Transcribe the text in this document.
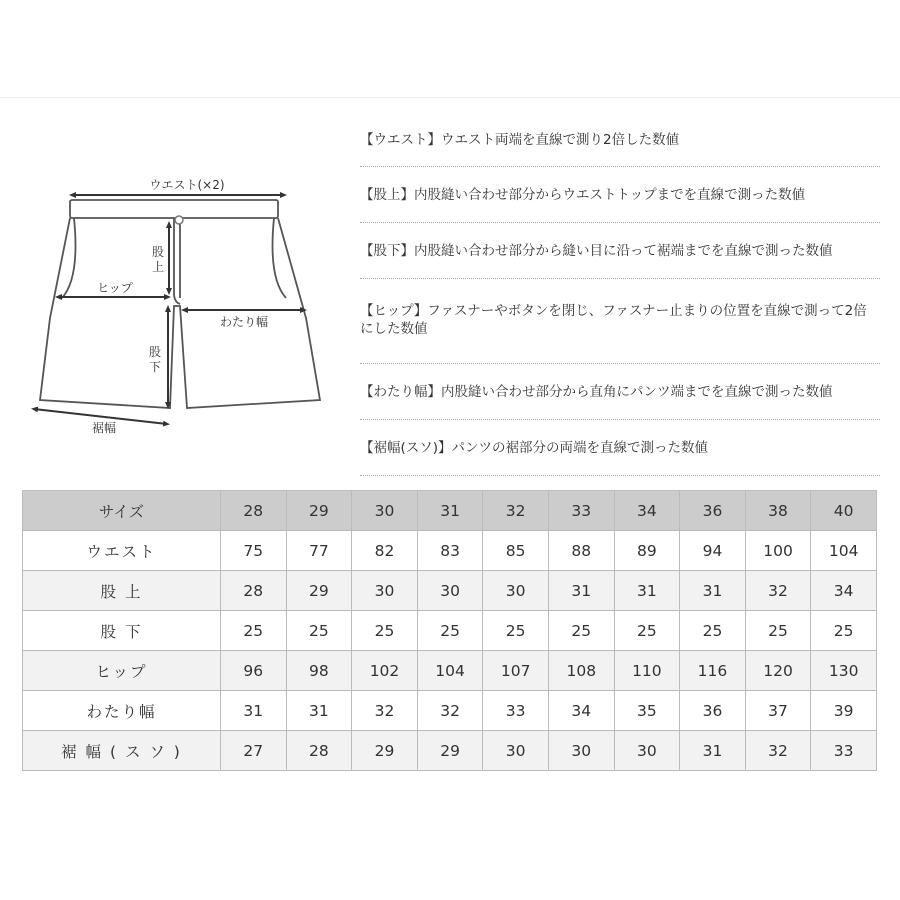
ウエスト(×2)
股
上
ヒップ
わたり幅
股
下
裾幅
【ウエスト】ウエスト両端を直線で測り2倍した数値
【股上】内股縫い合わせ部分からウエストトップまでを直線で測った数値
【股下】内股縫い合わせ部分から縫い目に沿って裾端までを直線で測った数値
【ヒップ】ファスナーやボタンを閉じ、ファスナー止まりの位置を直線で測って2倍にした数値
【わたり幅】内股縫い合わせ部分から直角にパンツ端までを直線で測った数値
【裾幅(スソ)】パンツの裾部分の両端を直線で測った数値
サイズ	28	29	30	31	32	33	34	36	38	40
ウエスト	75	77	82	83	85	88	89	94	100	104
股 上	28	29	30	30	30	31	31	31	32	34
股 下	25	25	25	25	25	25	25	25	25	25
ヒップ	96	98	102	104	107	108	110	116	120	130
わたり幅	31	31	32	32	33	34	35	36	37	39
裾 幅 ( ス ソ )	27	28	29	29	30	30	30	31	32	33
